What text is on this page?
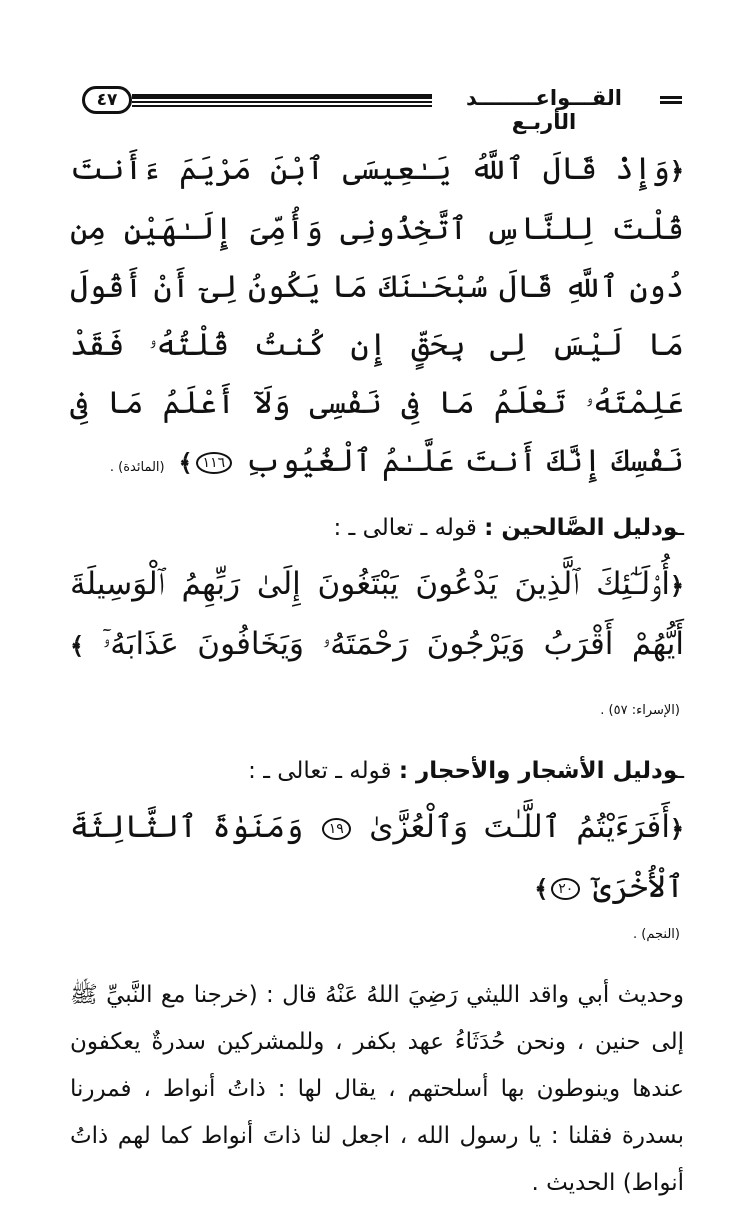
٤٧	القـــواعــــــــد الأربـع

﴿وَإِذْ قَالَ ٱللَّهُ يَـٰعِيسَى ٱبْنَ مَرْيَمَ ءَأَنتَ قُلْتَ لِلنَّاسِ ٱتَّخِذُونِى وَأُمِّىَ إِلَـٰهَيْنِ مِن دُونِ ٱللَّهِ قَالَ سُبْحَـٰنَكَ مَا يَكُونُ لِىٓ أَنْ أَقُولَ مَا لَيْسَ لِى بِحَقٍّ إِن كُنتُ قُلْتُهُۥ فَقَدْ عَلِمْتَهُۥ تَعْلَمُ مَا فِى نَفْسِى وَلَآ أَعْلَمُ مَا فِى نَفْسِكَ إِنَّكَ أَنتَ عَلَّـٰمُ ٱلْغُيُوبِ ١١٦﴾ (المائدة) .

ـودليل الصَّالحين : قوله ـ تعالى ـ :

﴿أُو۟لَـٰٓئِكَ ٱلَّذِينَ يَدْعُونَ يَبْتَغُونَ إِلَىٰ رَبِّهِمُ ٱلْوَسِيلَةَ أَيُّهُمْ أَقْرَبُ وَيَرْجُونَ رَحْمَتَهُۥ وَيَخَافُونَ عَذَابَهُۥٓ ﴾ (الإسراء: ٥٧) .

ـودليل الأشجار والأحجار : قوله ـ تعالى ـ :

﴿أَفَرَءَيْتُمُ ٱللَّـٰتَ وَٱلْعُزَّىٰ ١٩ وَمَنَوٰةَ ٱلثَّالِثَةَ ٱلْأُخْرَىٰٓ ٢٠﴾

(النجم) .

وحديث أبي واقد الليثي رَضِيَ اللهُ عَنْهُ قال : (خرجنا مع النَّبيِّ ﷺ إلى حنين ، ونحن حُدَثَاءُ عهد بكفر ، وللمشركين سدرةٌ يعكفون عندها وينوطون بها أسلحتهم ، يقال لها : ذاتُ أنواط ، فمررنا بسدرة فقلنا : يا رسول الله ، اجعل لنا ذاتَ أنواط كما لهم ذاتُ أنواط) الحديث .
